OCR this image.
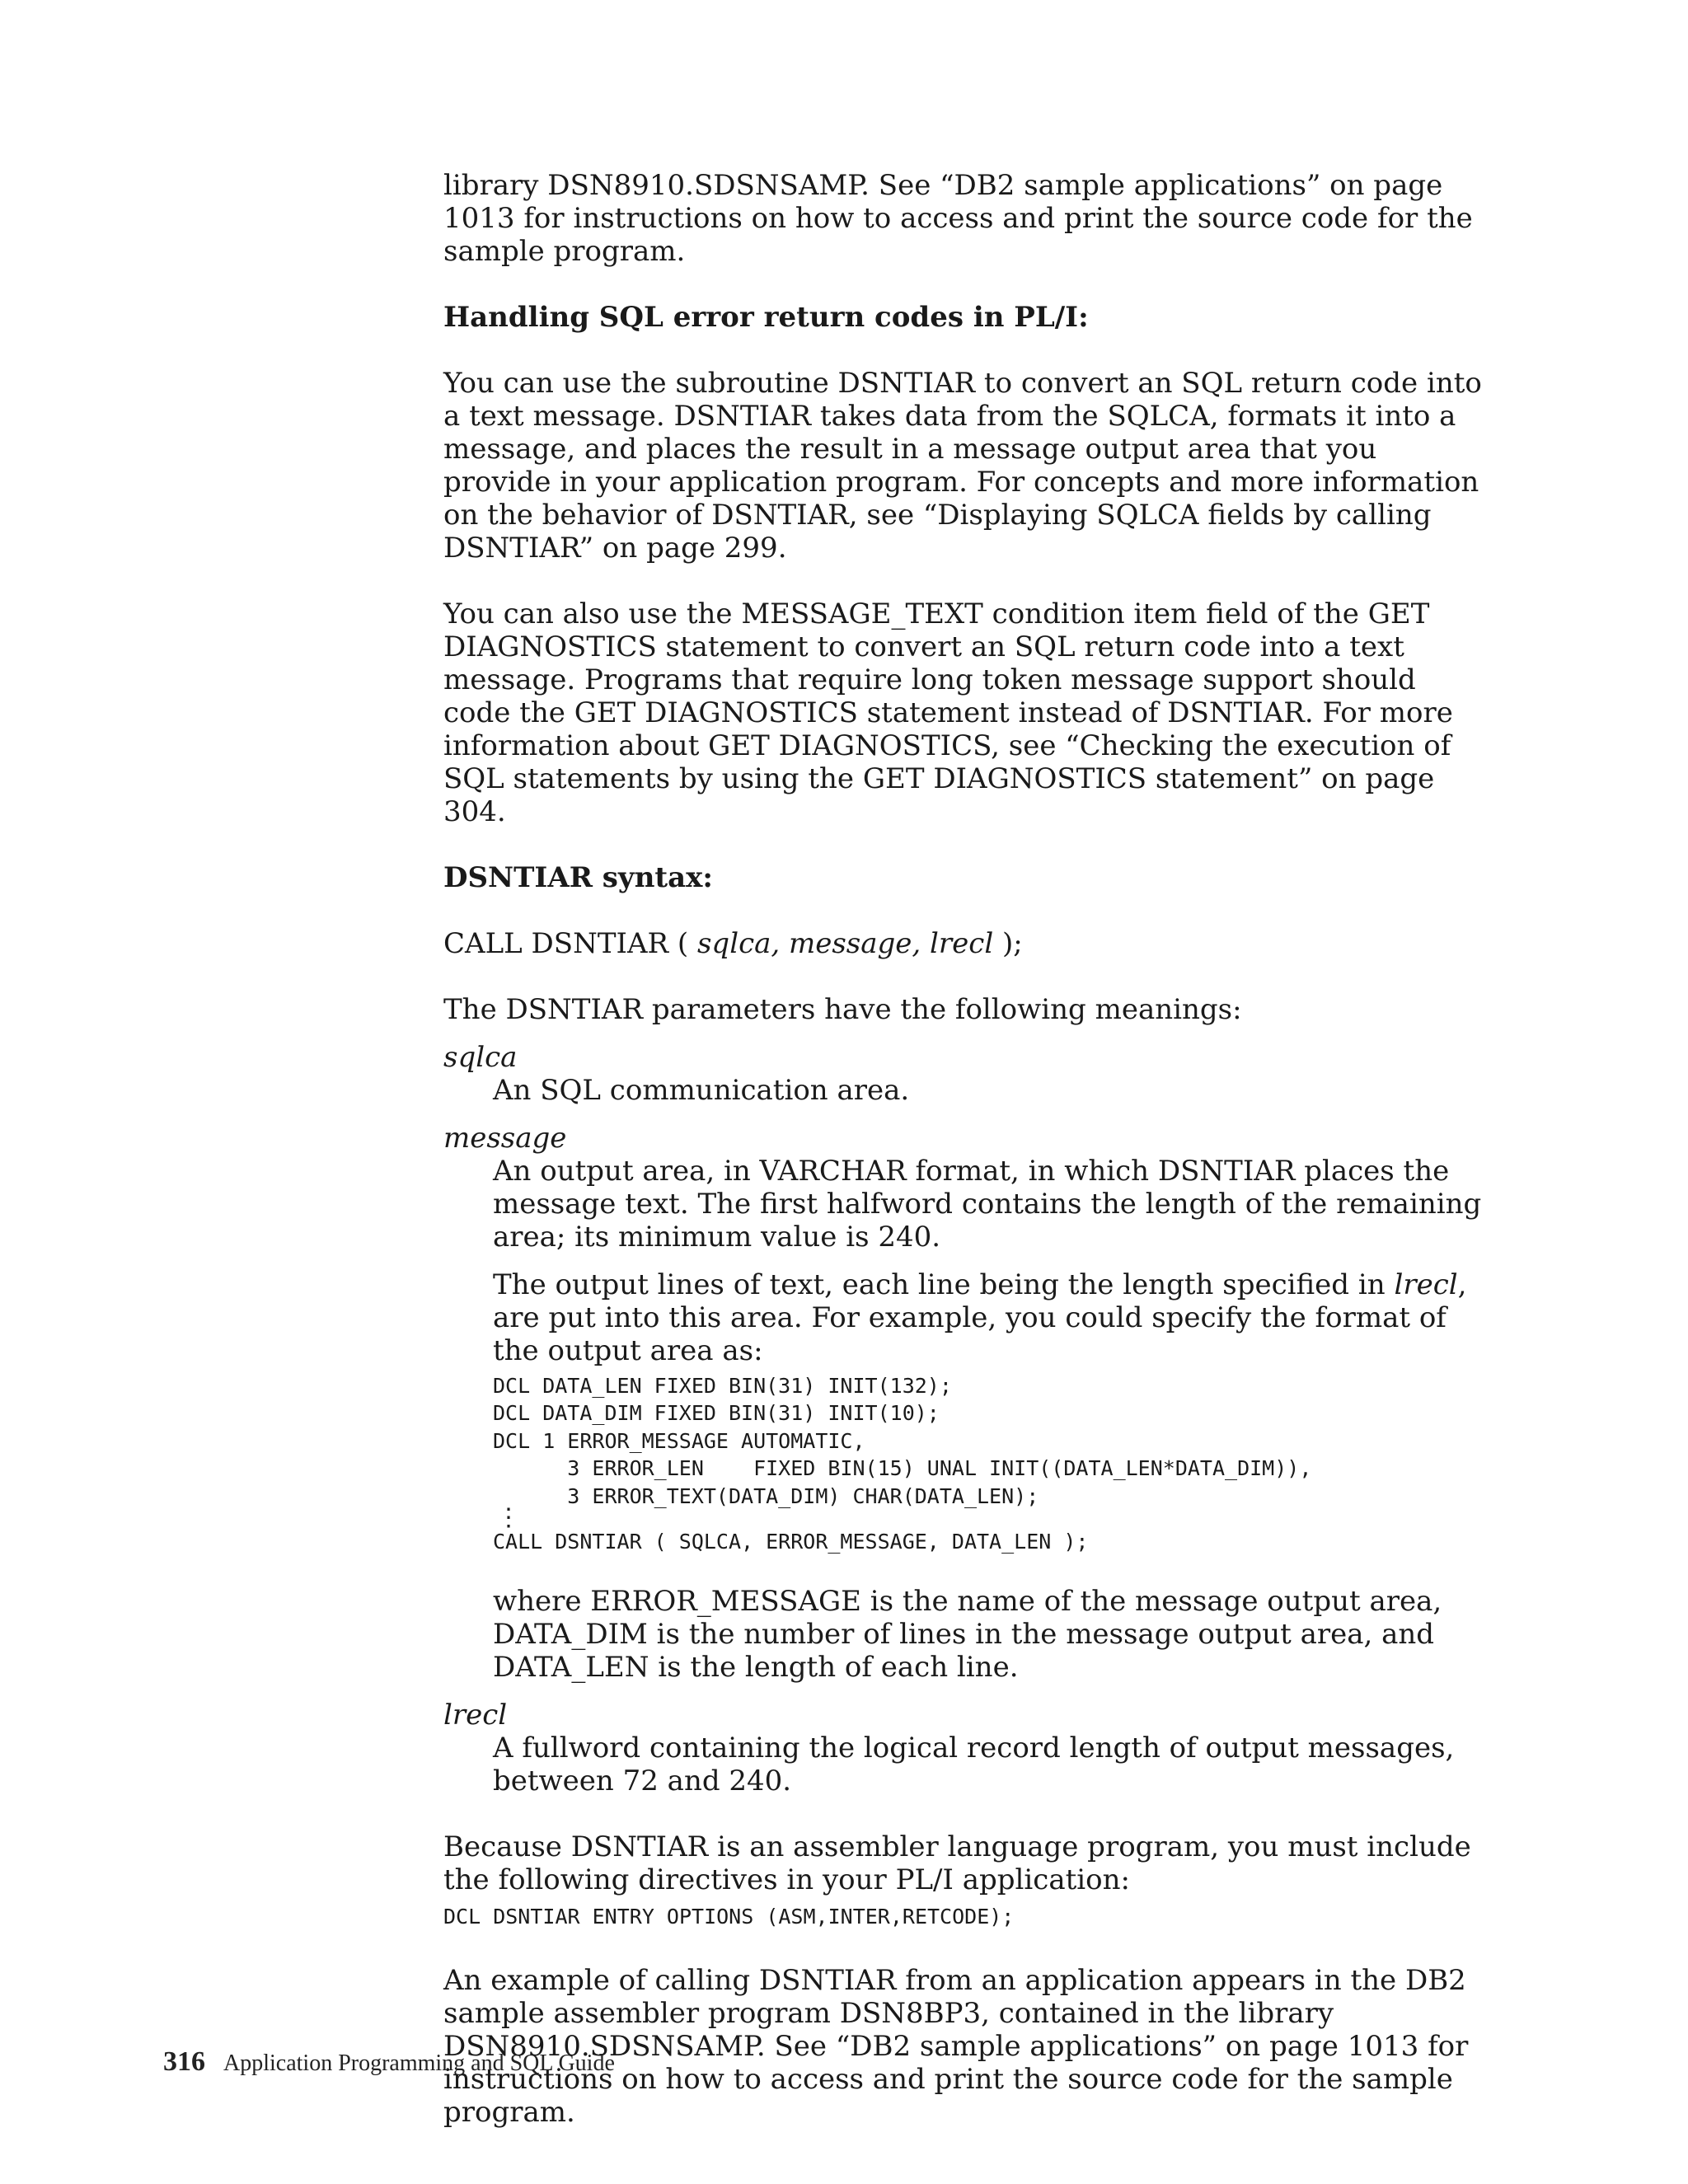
library DSN8910.SDSNSAMP. See “DB2 sample applications” on page 1013 for instructions on how to access and print the source code for the sample program.

Handling SQL error return codes in PL/I:

You can use the subroutine DSNTIAR to convert an SQL return code into a text message. DSNTIAR takes data from the SQLCA, formats it into a message, and places the result in a message output area that you provide in your application program. For concepts and more information on the behavior of DSNTIAR, see “Displaying SQLCA fields by calling DSNTIAR” on page 299.

You can also use the MESSAGE_TEXT condition item field of the GET DIAGNOSTICS statement to convert an SQL return code into a text message. Programs that require long token message support should code the GET DIAGNOSTICS statement instead of DSNTIAR. For more information about GET DIAGNOSTICS, see “Checking the execution of SQL statements by using the GET DIAGNOSTICS statement” on page 304.

DSNTIAR syntax:

CALL DSNTIAR ( sqlca, message, lrecl );

The DSNTIAR parameters have the following meanings:

sqlca

An SQL communication area.

message

An output area, in VARCHAR format, in which DSNTIAR places the message text. The first halfword contains the length of the remaining area; its minimum value is 240.

The output lines of text, each line being the length specified in lrecl, are put into this area. For example, you could specify the format of the output area as:

DCL DATA_LEN FIXED BIN(31) INIT(132);
DCL DATA_DIM FIXED BIN(31) INIT(10);
DCL 1 ERROR_MESSAGE AUTOMATIC,
3 ERROR_LEN    FIXED BIN(15) UNAL INIT((DATA_LEN*DATA_DIM)),
3 ERROR_TEXT(DATA_DIM) CHAR(DATA_LEN);
⋮
CALL DSNTIAR ( SQLCA, ERROR_MESSAGE, DATA_LEN );

where ERROR_MESSAGE is the name of the message output area, DATA_DIM is the number of lines in the message output area, and DATA_LEN is the length of each line.

lrecl

A fullword containing the logical record length of output messages, between 72 and 240.

Because DSNTIAR is an assembler language program, you must include the following directives in your PL/I application:

DCL DSNTIAR ENTRY OPTIONS (ASM,INTER,RETCODE);

An example of calling DSNTIAR from an application appears in the DB2 sample assembler program DSN8BP3, contained in the library DSN8910.SDSNSAMP. See “DB2 sample applications” on page 1013 for instructions on how to access and print the source code for the sample program.

316 Application Programming and SQL Guide
